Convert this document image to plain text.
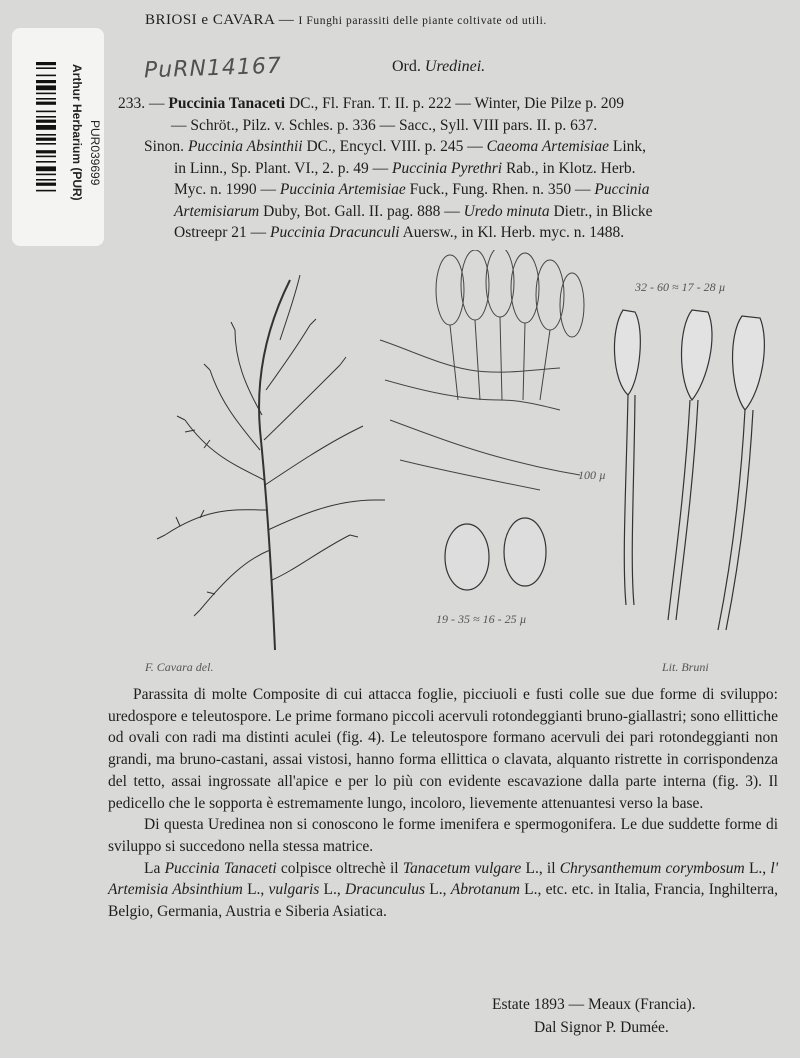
Arthur Herbarium (PUR) PUR039699
BRIOSI e CAVARA — I Funghi parassiti delle piante coltivate od utili.
PuRN14167	Ord. Uredinei.
233. — Puccinia Tanaceti DC., Fl. Fran. T. II. p. 222 — Winter, Die Pilze p. 209
— Schröt., Pilz. v. Schles. p. 336 — Sacc., Syll. VIII pars. II. p. 637.
Sinon. Puccinia Absinthii DC., Encycl. VIII. p. 245 — Caeoma Artemisiae Link,
in Linn., Sp. Plant. VI., 2. p. 49 — Puccinia Pyrethri Rab., in Klotz. Herb.
Myc. n. 1990 — Puccinia Artemisiae Fuck., Fung. Rhen. n. 350 — Puccinia
Artemisiarum Duby, Bot. Gall. II. pag. 888 — Uredo minuta Dietr., in Blicke
Ostreepr 21 — Puccinia Dracunculi Auersw., in Kl. Herb. myc. n. 1488.
32 - 60 ≈ 17 - 28 µ
100 µ
19 - 35 ≈ 16 - 25 µ
F. Cavara del.	Lit. Bruni

Parassita di molte Composite di cui attacca foglie, picciuoli e fusti colle sue due forme di sviluppo: uredospore e teleutospore. Le prime formano piccoli acervuli rotondeggianti bruno-giallastri; sono ellittiche od ovali con radi ma distinti aculei (fig. 4). Le teleutospore formano acervuli dei pari rotondeggianti non grandi, ma bruno-castani, assai vistosi, hanno forma ellittica o clavata, alquanto ristrette in corrispondenza del tetto, assai ingrossate all'apice e per lo più con evidente escavazione dalla parte interna (fig. 3). Il pedicello che le sopporta è estremamente lungo, incoloro, lievemente attenuantesi verso la base.

Di questa Uredinea non si conoscono le forme imenifera e spermogonifera. Le due suddette forme di sviluppo si succedono nella stessa matrice.

La Puccinia Tanaceti colpisce oltrechè il Tanacetum vulgare L., il Chrysanthemum corymbosum L., l' Artemisia Absinthium L., vulgaris L., Dracunculus L., Abrotanum L., etc. etc. in Italia, Francia, Inghilterra, Belgio, Germania, Austria e Siberia Asiatica.

Estate 1893 — Meaux (Francia).
Dal Signor P. Dumée.
